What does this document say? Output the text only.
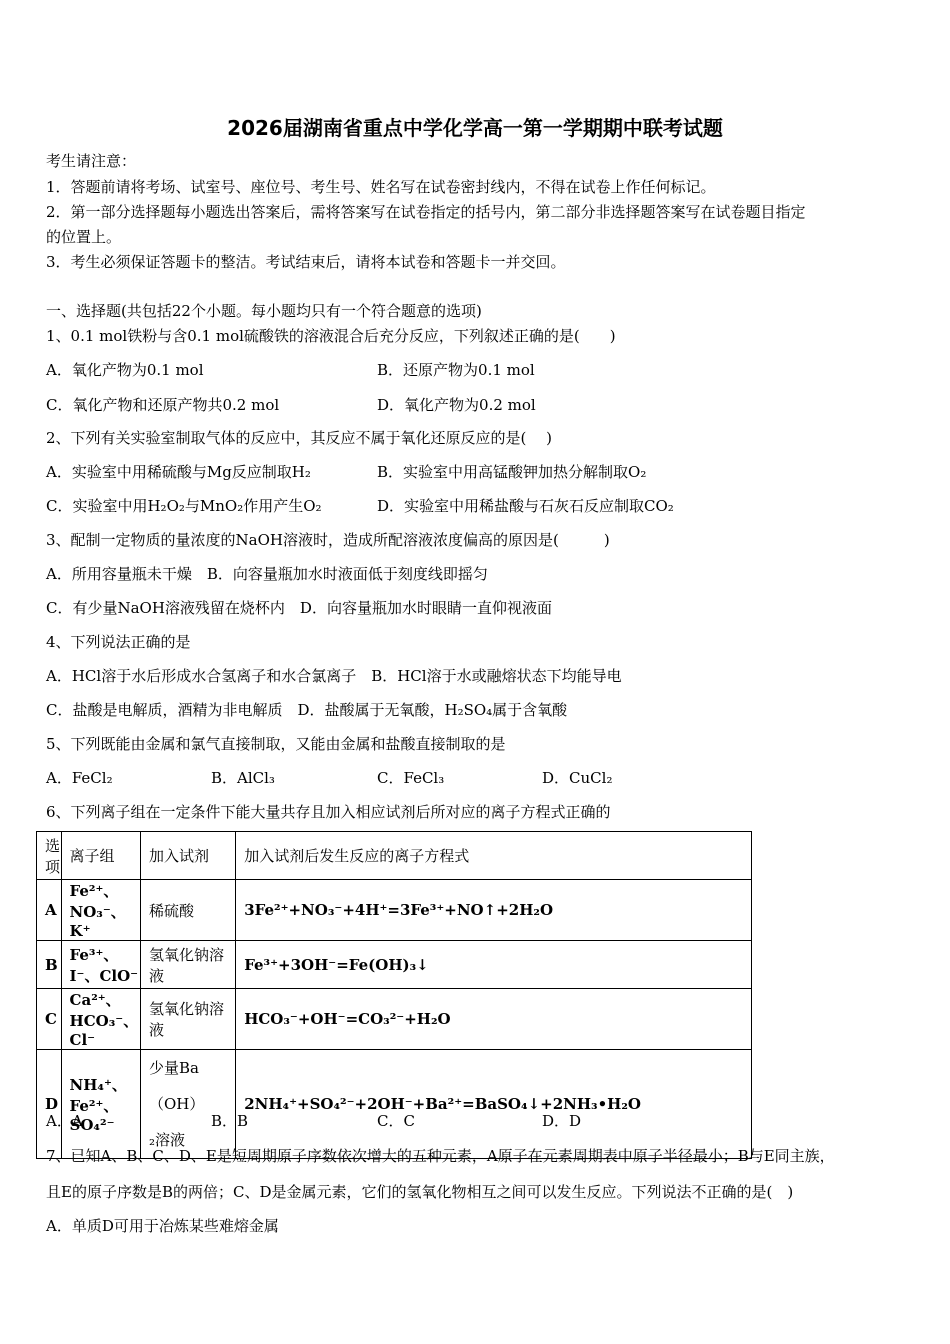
2026届湖南省重点中学化学高一第一学期期中联考试题
考生请注意：
1．答题前请将考场、试室号、座位号、考生号、姓名写在试卷密封线内，不得在试卷上作任何标记。
2．第一部分选择题每小题选出答案后，需将答案写在试卷指定的括号内，第二部分非选择题答案写在试卷题目指定
的位置上。
3．考生必须保证答题卡的整洁。考试结束后，请将本试卷和答题卡一并交回。
一、选择题(共包括22个小题。每小题均只有一个符合题意的选项)
1、0.1 mol铁粉与含0.1 mol硫酸铁的溶液混合后充分反应，下列叙述正确的是(　　)
A．氧化产物为0.1 mol	B．还原产物为0.1 mol
C．氧化产物和还原产物共0.2 mol	D．氧化产物为0.2 mol
2、下列有关实验室制取气体的反应中，其反应不属于氧化还原反应的是(　 )
A．实验室中用稀硫酸与Mg反应制取H₂	B．实验室中用高锰酸钾加热分解制取O₂
C．实验室中用H₂O₂与MnO₂作用产生O₂	D．实验室中用稀盐酸与石灰石反应制取CO₂
3、配制一定物质的量浓度的NaOH溶液时，造成所配溶液浓度偏高的原因是(　　　)
A．所用容量瓶未干燥　B．向容量瓶加水时液面低于刻度线即摇匀
C．有少量NaOH溶液残留在烧杯内　D．向容量瓶加水时眼睛一直仰视液面
4、下列说法正确的是
A．HCl溶于水后形成水合氢离子和水合氯离子　B．HCl溶于水或融熔状态下均能导电
C．盐酸是电解质，酒精为非电解质　D．盐酸属于无氧酸，H₂SO₄属于含氧酸
5、下列既能由金属和氯气直接制取，又能由金属和盐酸直接制取的是
A．FeCl₂	B．AlCl₃	C．FeCl₃	D．CuCl₂
6、下列离子组在一定条件下能大量共存且加入相应试剂后所对应的离子方程式正确的
选项	离子组	加入试剂	加入试剂后发生反应的离子方程式
A	Fe²⁺、NO₃⁻、K⁺	稀硫酸	3Fe²⁺+NO₃⁻+4H⁺=3Fe³⁺+NO↑+2H₂O
B	Fe³⁺、I⁻、ClO⁻	氢氧化钠溶液	Fe³⁺+3OH⁻=Fe(OH)₃↓
C	Ca²⁺、HCO₃⁻、Cl⁻	氢氧化钠溶液	HCO₃⁻+OH⁻=CO₃²⁻+H₂O
D	NH₄⁺、Fe²⁺、SO₄²⁻	少量Ba（OH）₂溶液	2NH₄⁺+SO₄²⁻+2OH⁻+Ba²⁺=BaSO₄↓+2NH₃•H₂O
A．A	B．B	C．C	D．D
7、已知A、B、C、D、E是短周期原子序数依次增大的五种元素，A原子在元素周期表中原子半径最小；B与E同主族，
且E的原子序数是B的两倍；C、D是金属元素，它们的氢氧化物相互之间可以发生反应。下列说法不正确的是(　)
A．单质D可用于冶炼某些难熔金属
